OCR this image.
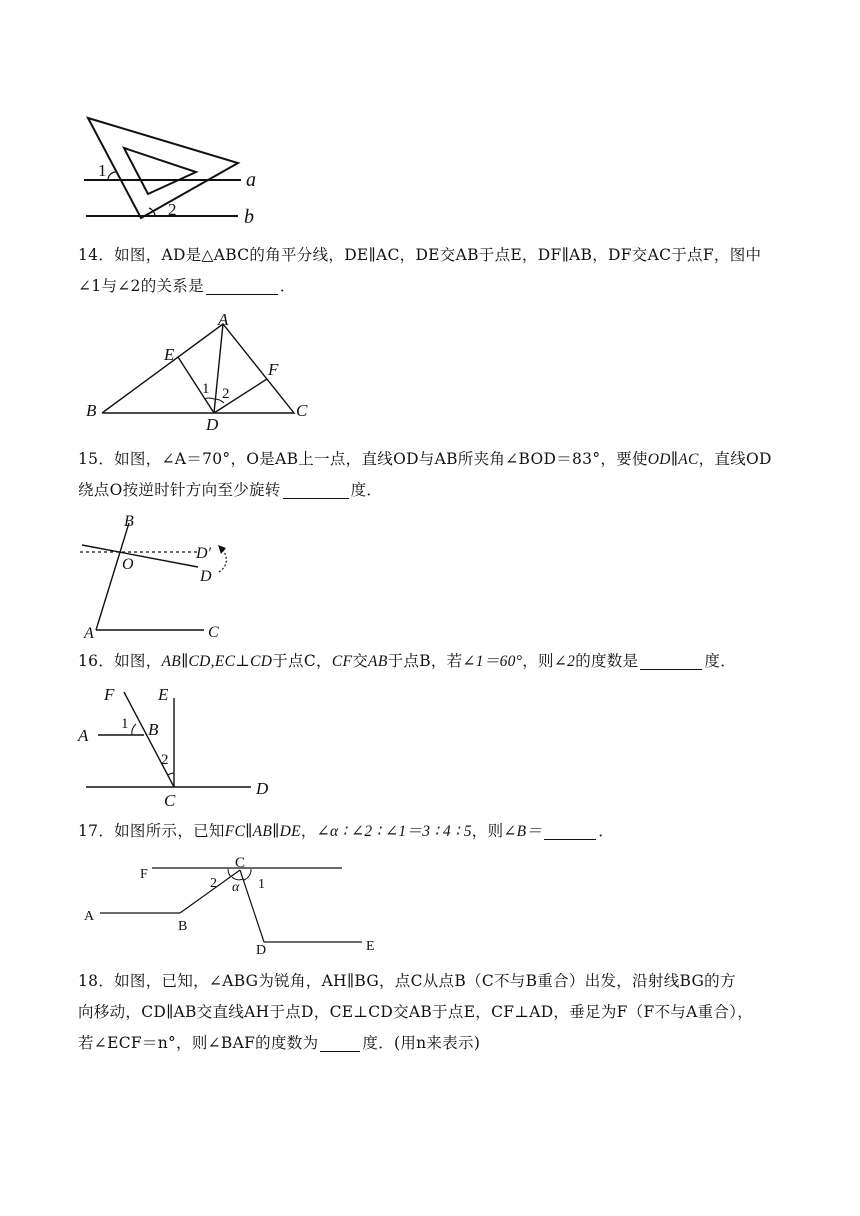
1
2
a
b
14．如图，AD是△ABC的角平分线，DE∥AC，DE交AB于点E，DF∥AB，DF交AC于点F，图中∠1与∠2的关系是	．
A
B	C
D
E
F
1 2
15．如图，∠A＝70°，O是AB上一点，直线OD与AB所夹角∠BOD＝83°，要使OD∥AC，直线OD绕点O按逆时针方向至少旋转	度．
B
O
D′
D
A	C
16．如图，AB∥CD,EC⊥CD于点C，CF交AB于点B，若∠1＝60°，则∠2的度数是	度．
F	E
A	B
C
D
1
2
17．如图所示，已知FC∥AB∥DE，∠α ∶ ∠2 ∶ ∠1＝3 ∶ 4 ∶ 5，则∠B＝	．
F
C
A
B
D	E
2 α 1
18．如图，已知，∠ABG为锐角，AH∥BG，点C从点B（C不与B重合）出发，沿射线BG的方
向移动，CD∥AB交直线AH于点D，CE⊥CD交AB于点E，CF⊥AD，垂足为F（F不与A重合），
若∠ECF＝n°，则∠BAF的度数为	度．(用n来表示)
